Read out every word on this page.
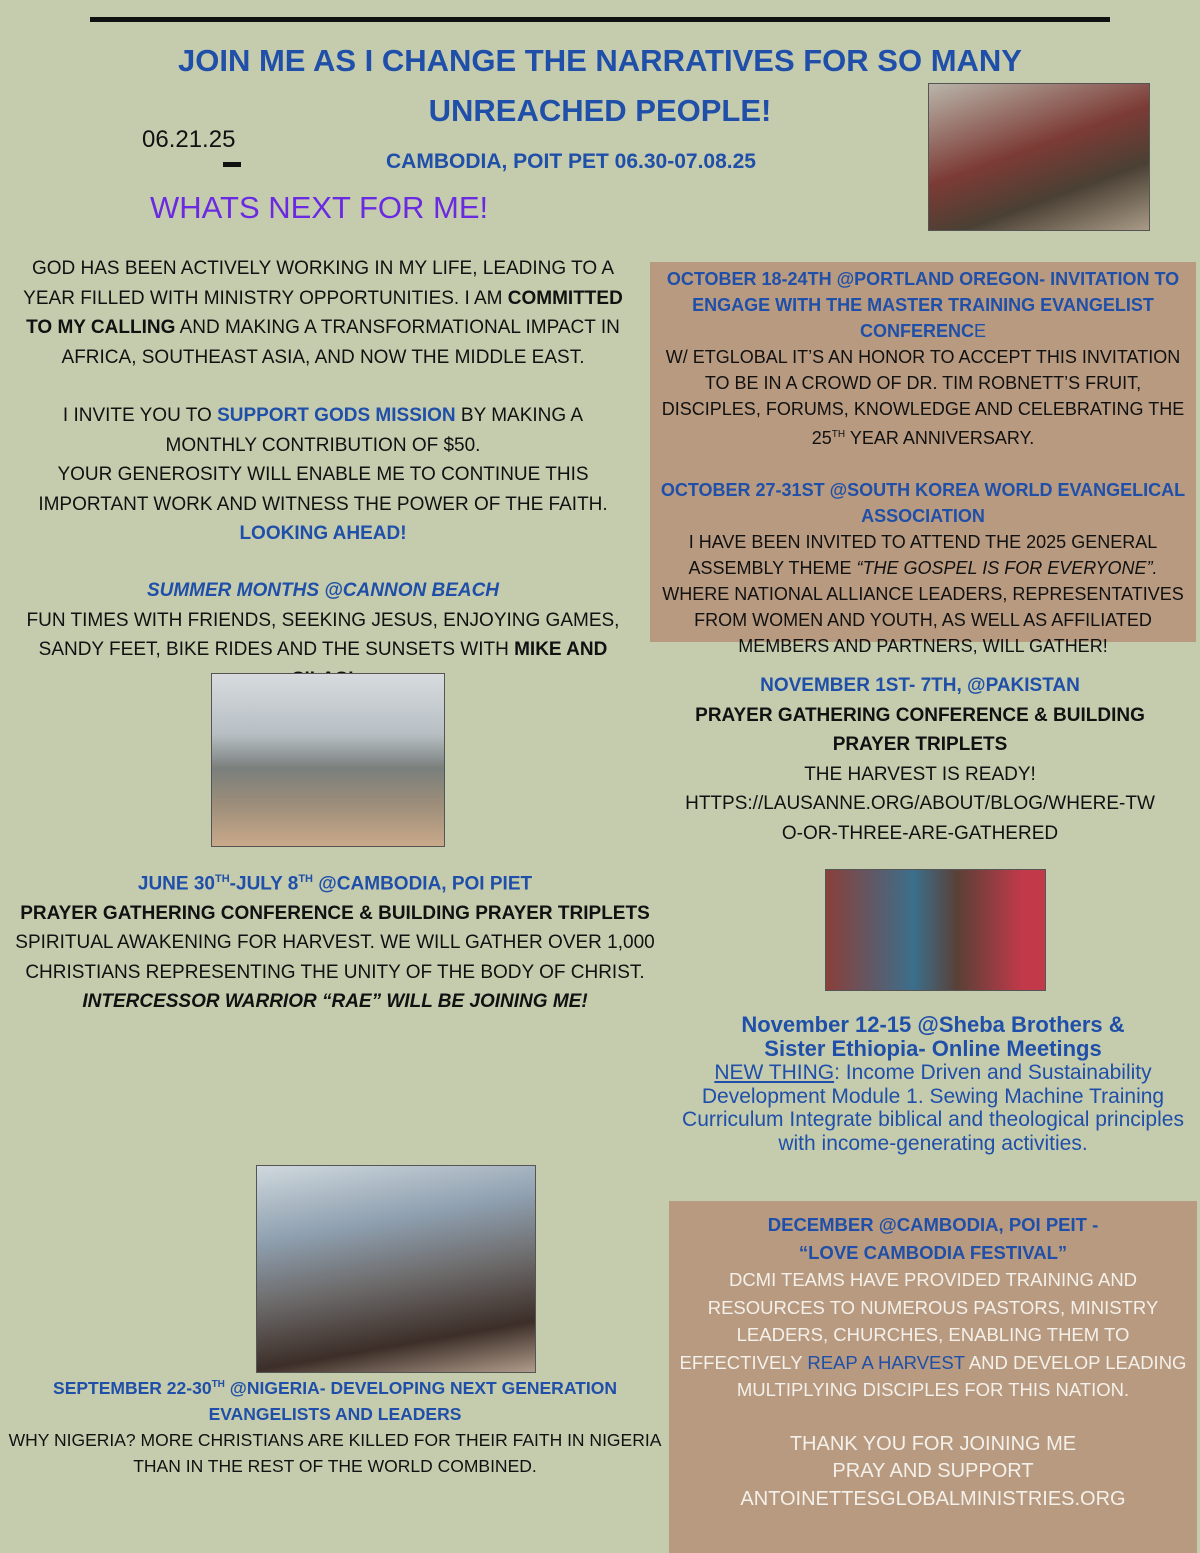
JOIN ME AS I CHANGE THE NARRATIVES FOR SO MANY
UNREACHED PEOPLE!
06.21.25
CAMBODIA, POIT PET 06.30-07.08.25
WHATS NEXT FOR ME!
GOD HAS BEEN ACTIVELY WORKING IN MY LIFE, LEADING TO A YEAR FILLED WITH MINISTRY OPPORTUNITIES. I AM COMMITTED TO MY CALLING AND MAKING A TRANSFORMATIONAL IMPACT IN AFRICA, SOUTHEAST ASIA, AND NOW THE MIDDLE EAST.
I INVITE YOU TO SUPPORT GODS MISSION BY MAKING A MONTHLY CONTRIBUTION OF $50.
YOUR GENEROSITY WILL ENABLE ME TO CONTINUE THIS IMPORTANT WORK AND WITNESS THE POWER OF THE FAITH.
LOOKING AHEAD!
SUMMER MONTHS @CANNON BEACH
FUN TIMES WITH FRIENDS, SEEKING JESUS, ENJOYING GAMES, SANDY FEET, BIKE RIDES AND THE SUNSETS WITH MIKE AND
JUNE 30TH-JULY 8TH @CAMBODIA, POI PIET
PRAYER GATHERING CONFERENCE & BUILDING PRAYER TRIPLETS
SPIRITUAL AWAKENING FOR HARVEST. WE WILL GATHER OVER 1,000 CHRISTIANS REPRESENTING THE UNITY OF THE BODY OF CHRIST.
INTERCESSOR WARRIOR “RAE” WILL BE JOINING ME!
SEPTEMBER 22-30TH @NIGERIA- DEVELOPING NEXT GENERATION EVANGELISTS AND LEADERS
WHY NIGERIA? MORE CHRISTIANS ARE KILLED FOR THEIR FAITH IN NIGERIA THAN IN THE REST OF THE WORLD COMBINED.
OCTOBER 18-24TH @PORTLAND OREGON- INVITATION TO ENGAGE WITH THE MASTER TRAINING EVANGELIST CONFERENCE
W/ ETGLOBAL IT’S AN HONOR TO ACCEPT THIS INVITATION TO BE IN A CROWD OF DR. TIM ROBNETT’S FRUIT, DISCIPLES, FORUMS, KNOWLEDGE AND CELEBRATING THE 25TH YEAR ANNIVERSARY.
OCTOBER 27-31ST @SOUTH KOREA WORLD EVANGELICAL ASSOCIATION
I HAVE BEEN INVITED TO ATTEND THE 2025 GENERAL ASSEMBLY THEME “THE GOSPEL IS FOR EVERYONE”. WHERE NATIONAL ALLIANCE LEADERS, REPRESENTATIVES FROM WOMEN AND YOUTH, AS WELL AS AFFILIATED MEMBERS AND PARTNERS, WILL GATHER!
NOVEMBER 1ST- 7TH, @PAKISTAN
PRAYER GATHERING CONFERENCE & BUILDING PRAYER TRIPLETS
THE HARVEST IS READY!
HTTPS://LAUSANNE.ORG/ABOUT/BLOG/WHERE-TWO-OR-THREE-ARE-GATHERED
November 12-15 @Sheba Brothers & Sister Ethiopia- Online Meetings
NEW THING: Income Driven and Sustainability Development Module 1. Sewing Machine Training Curriculum Integrate biblical and theological principles with income-generating activities.
DECEMBER @CAMBODIA, POI PEIT -
“LOVE CAMBODIA FESTIVAL”
DCMI TEAMS HAVE PROVIDED TRAINING AND RESOURCES TO NUMEROUS PASTORS, MINISTRY LEADERS, CHURCHES, ENABLING THEM TO EFFECTIVELY REAP A HARVEST AND DEVELOP LEADING MULTIPLYING DISCIPLES FOR THIS NATION.
THANK YOU FOR JOINING ME
PRAY AND SUPPORT
ANTOINETTESGLOBALMINISTRIES.ORG
